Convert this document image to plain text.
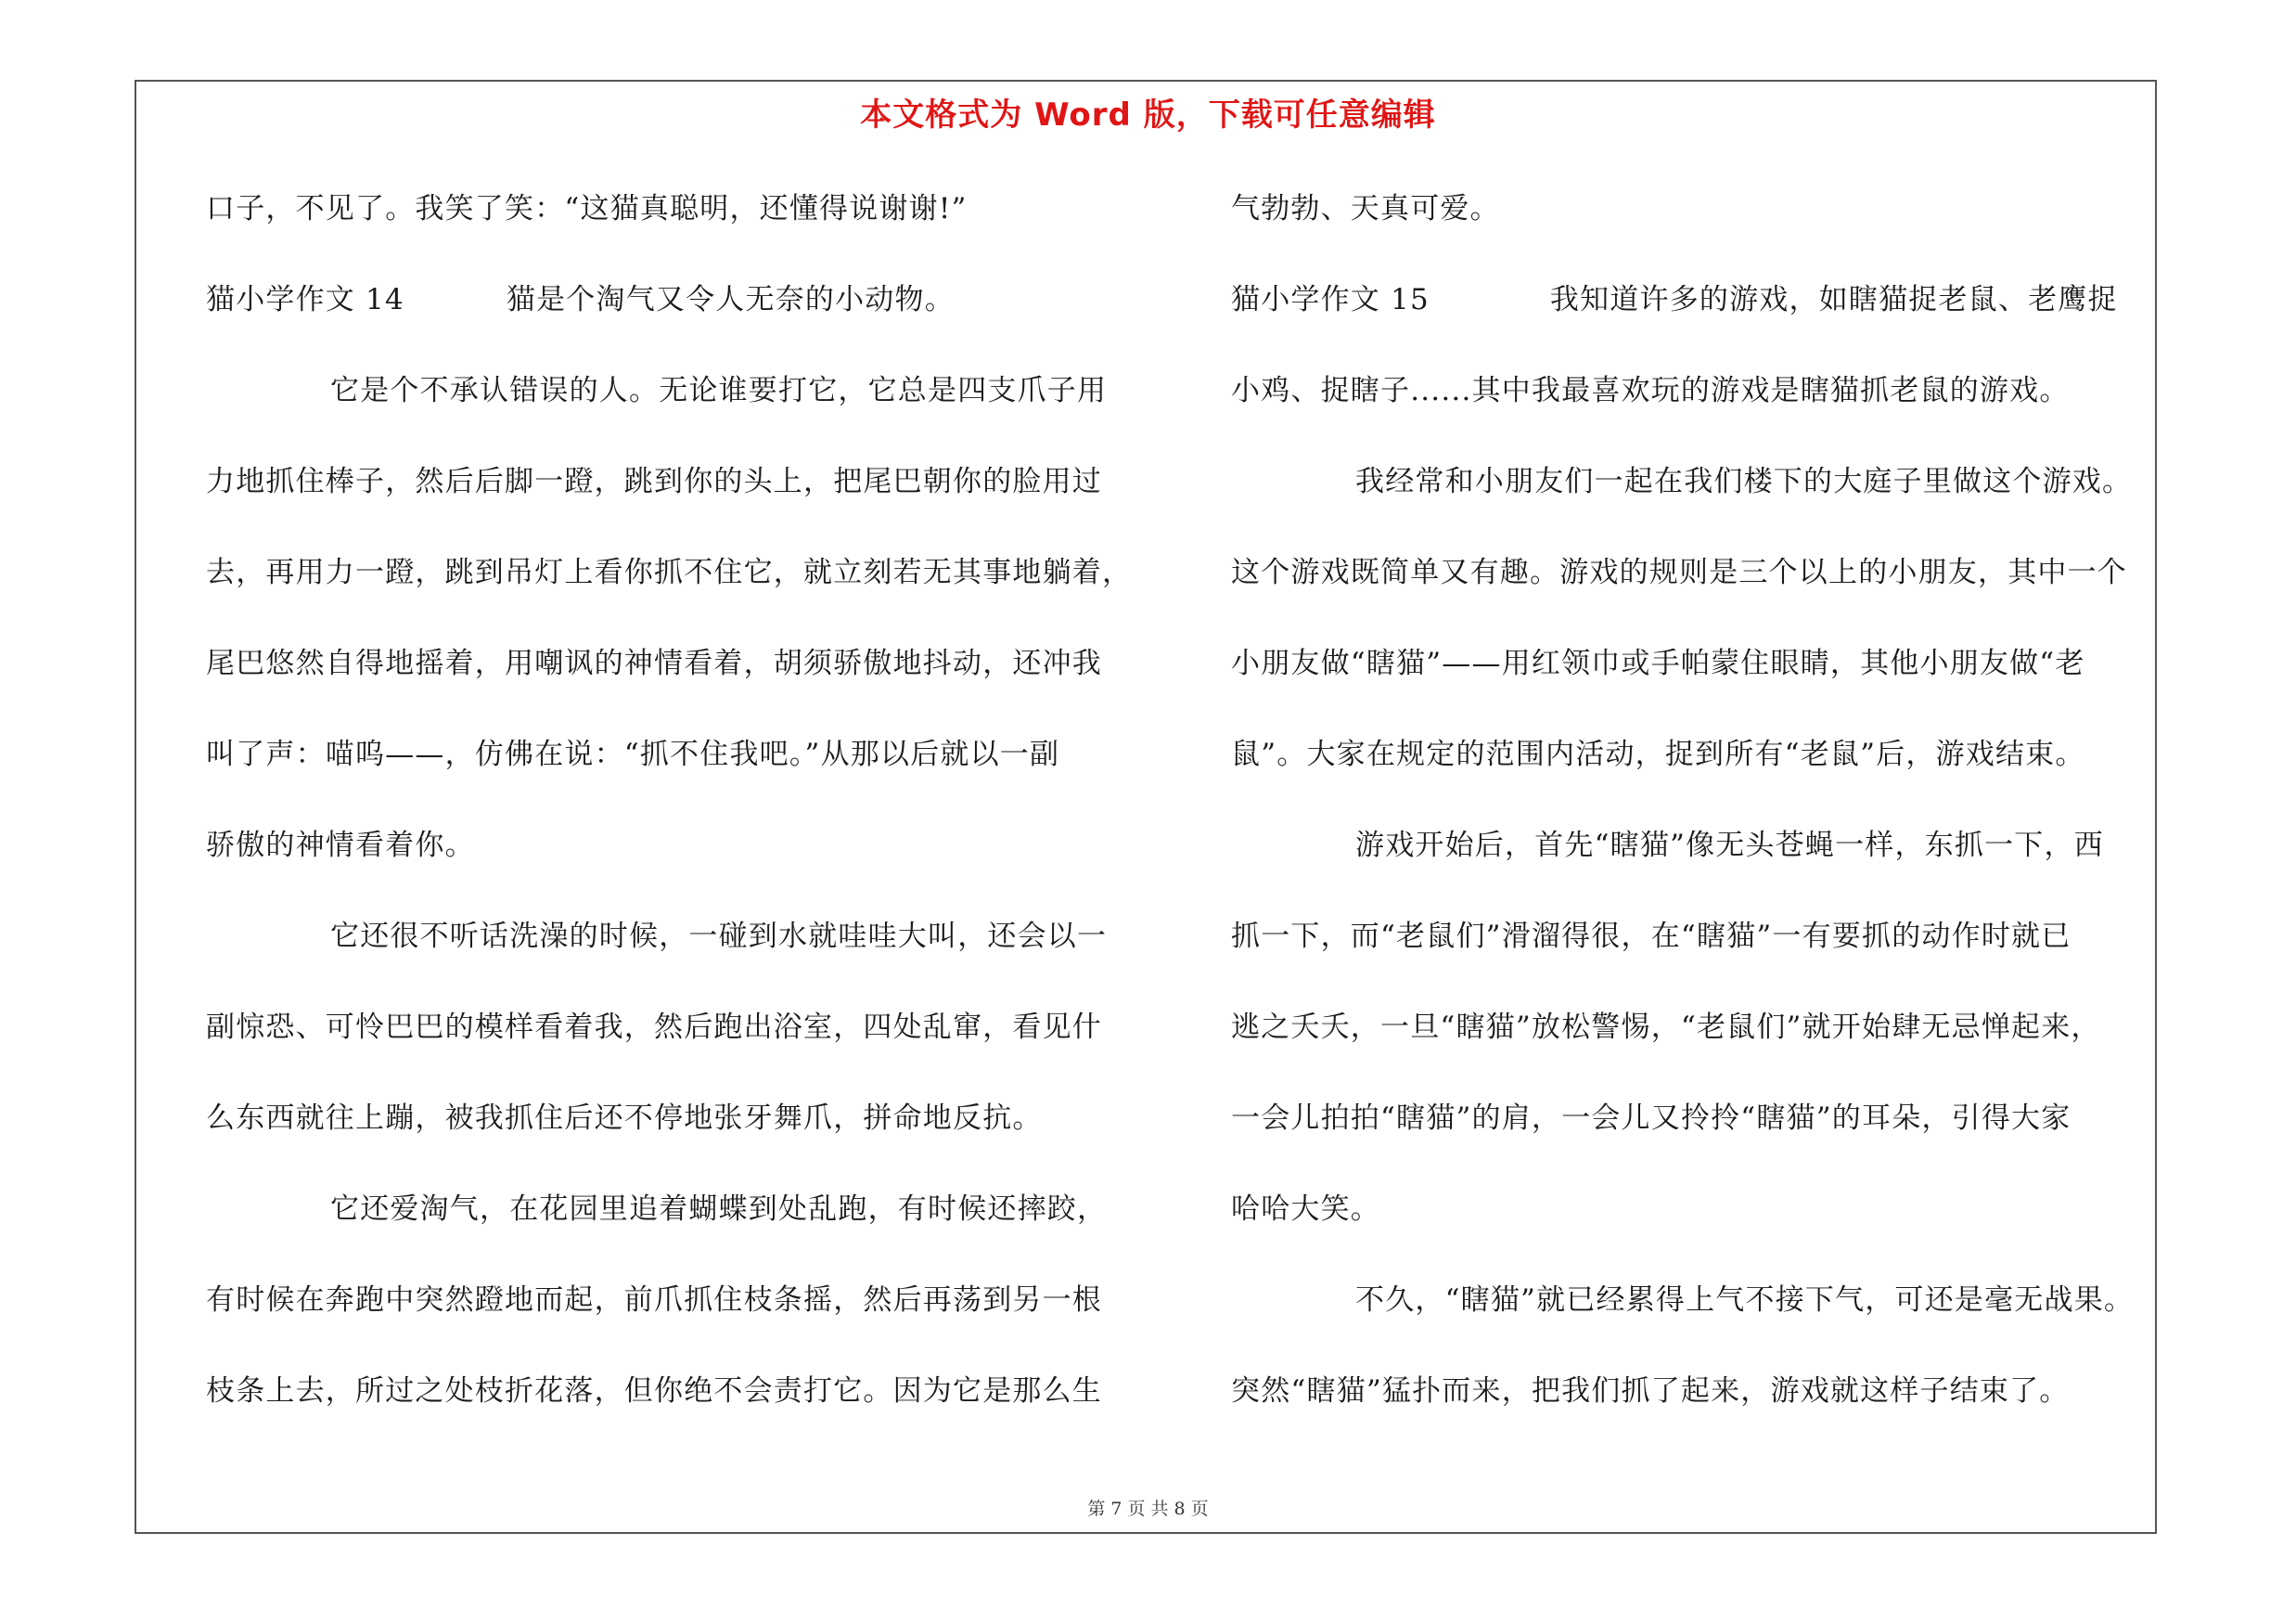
本文格式为 Word 版，下载可任意编辑
口子，不见了。我笑了笑：“这猫真聪明，还懂得说谢谢!”
猫小学作文 14	猫是个淘气又令人无奈的小动物。
它是个不承认错误的人。无论谁要打它，它总是四支爪子用
力地抓住棒子，然后后脚一蹬，跳到你的头上，把尾巴朝你的脸用过
去，再用力一蹬，跳到吊灯上看你抓不住它，就立刻若无其事地躺着，
尾巴悠然自得地摇着，用嘲讽的神情看着，胡须骄傲地抖动，还冲我
叫了声：喵呜——，仿佛在说：“抓不住我吧。”从那以后就以一副
骄傲的神情看着你。
它还很不听话洗澡的时候，一碰到水就哇哇大叫，还会以一
副惊恐、可怜巴巴的模样看着我，然后跑出浴室，四处乱窜，看见什
么东西就往上蹦，被我抓住后还不停地张牙舞爪，拼命地反抗。
它还爱淘气，在花园里追着蝴蝶到处乱跑，有时候还摔跤，
有时候在奔跑中突然蹬地而起，前爪抓住枝条摇，然后再荡到另一根
枝条上去，所过之处枝折花落，但你绝不会责打它。因为它是那么生
气勃勃、天真可爱。
猫小学作文 15	我知道许多的游戏，如瞎猫捉老鼠、老鹰捉
小鸡、捉瞎子......其中我最喜欢玩的游戏是瞎猫抓老鼠的游戏。
我经常和小朋友们一起在我们楼下的大庭子里做这个游戏。
这个游戏既简单又有趣。游戏的规则是三个以上的小朋友，其中一个
小朋友做“瞎猫”——用红领巾或手帕蒙住眼睛，其他小朋友做“老
鼠”。大家在规定的范围内活动，捉到所有“老鼠”后，游戏结束。
游戏开始后，首先“瞎猫”像无头苍蝇一样，东抓一下，西
抓一下，而“老鼠们”滑溜得很，在“瞎猫”一有要抓的动作时就已
逃之夭夭，一旦“瞎猫”放松警惕，“老鼠们”就开始肆无忌惮起来，
一会儿拍拍“瞎猫”的肩，一会儿又拎拎“瞎猫”的耳朵，引得大家
哈哈大笑。
不久，“瞎猫”就已经累得上气不接下气，可还是毫无战果。
突然“瞎猫”猛扑而来，把我们抓了起来，游戏就这样子结束了。
第 7 页 共 8 页
